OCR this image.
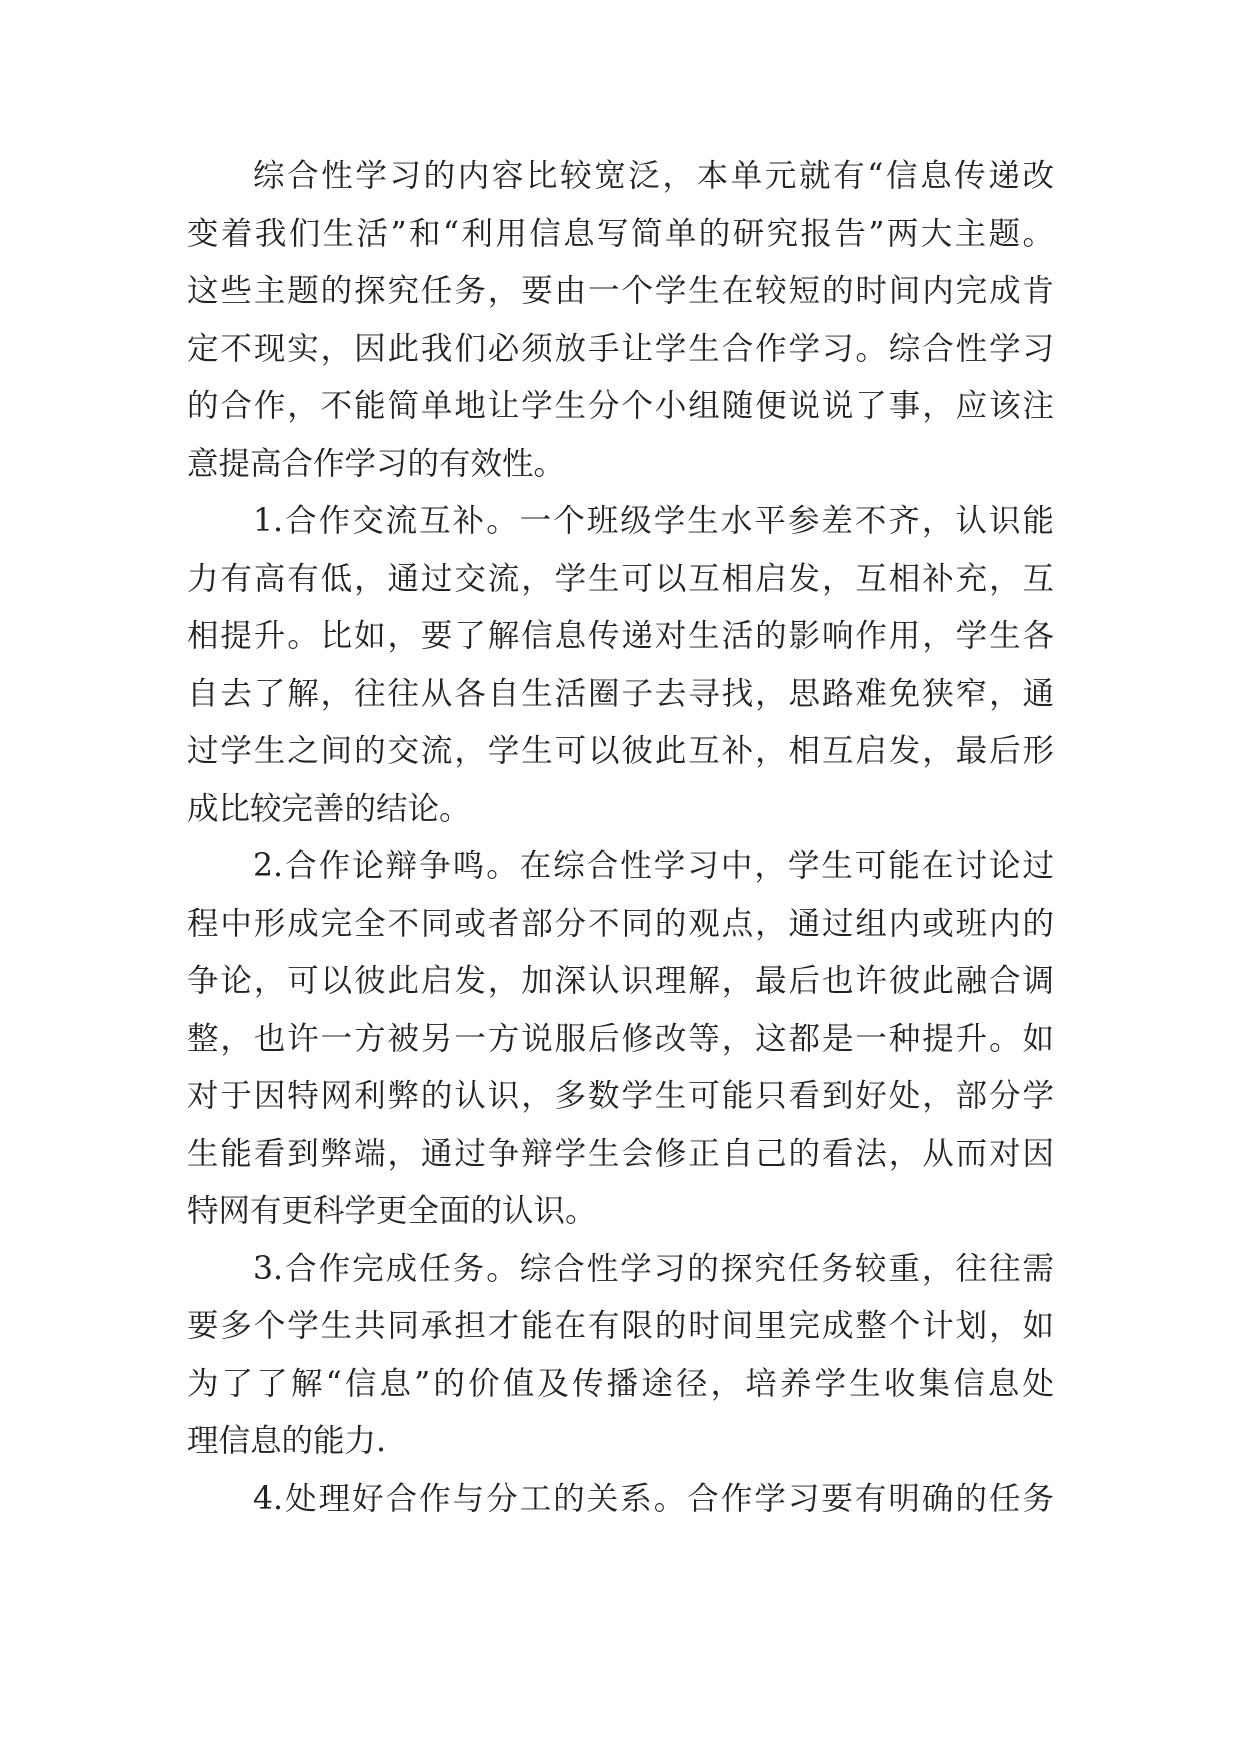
综合性学习的内容比较宽泛，本单元就有“信息传递改
变着我们生活”和“利用信息写简单的研究报告”两大主题。
这些主题的探究任务，要由一个学生在较短的时间内完成肯
定不现实，因此我们必须放手让学生合作学习。综合性学习
的合作，不能简单地让学生分个小组随便说说了事，应该注
意提高合作学习的有效性。
1.合作交流互补。一个班级学生水平参差不齐，认识能
力有高有低，通过交流，学生可以互相启发，互相补充，互
相提升。比如，要了解信息传递对生活的影响作用，学生各
自去了解，往往从各自生活圈子去寻找，思路难免狭窄，通
过学生之间的交流，学生可以彼此互补，相互启发，最后形
成比较完善的结论。
2.合作论辩争鸣。在综合性学习中，学生可能在讨论过
程中形成完全不同或者部分不同的观点，通过组内或班内的
争论，可以彼此启发，加深认识理解，最后也许彼此融合调
整，也许一方被另一方说服后修改等，这都是一种提升。如
对于因特网利弊的认识，多数学生可能只看到好处，部分学
生能看到弊端，通过争辩学生会修正自己的看法，从而对因
特网有更科学更全面的认识。
3.合作完成任务。综合性学习的探究任务较重，往往需
要多个学生共同承担才能在有限的时间里完成整个计划，如
为了了解“信息”的价值及传播途径，培养学生收集信息处
理信息的能力.
4.处理好合作与分工的关系。合作学习要有明确的任务
